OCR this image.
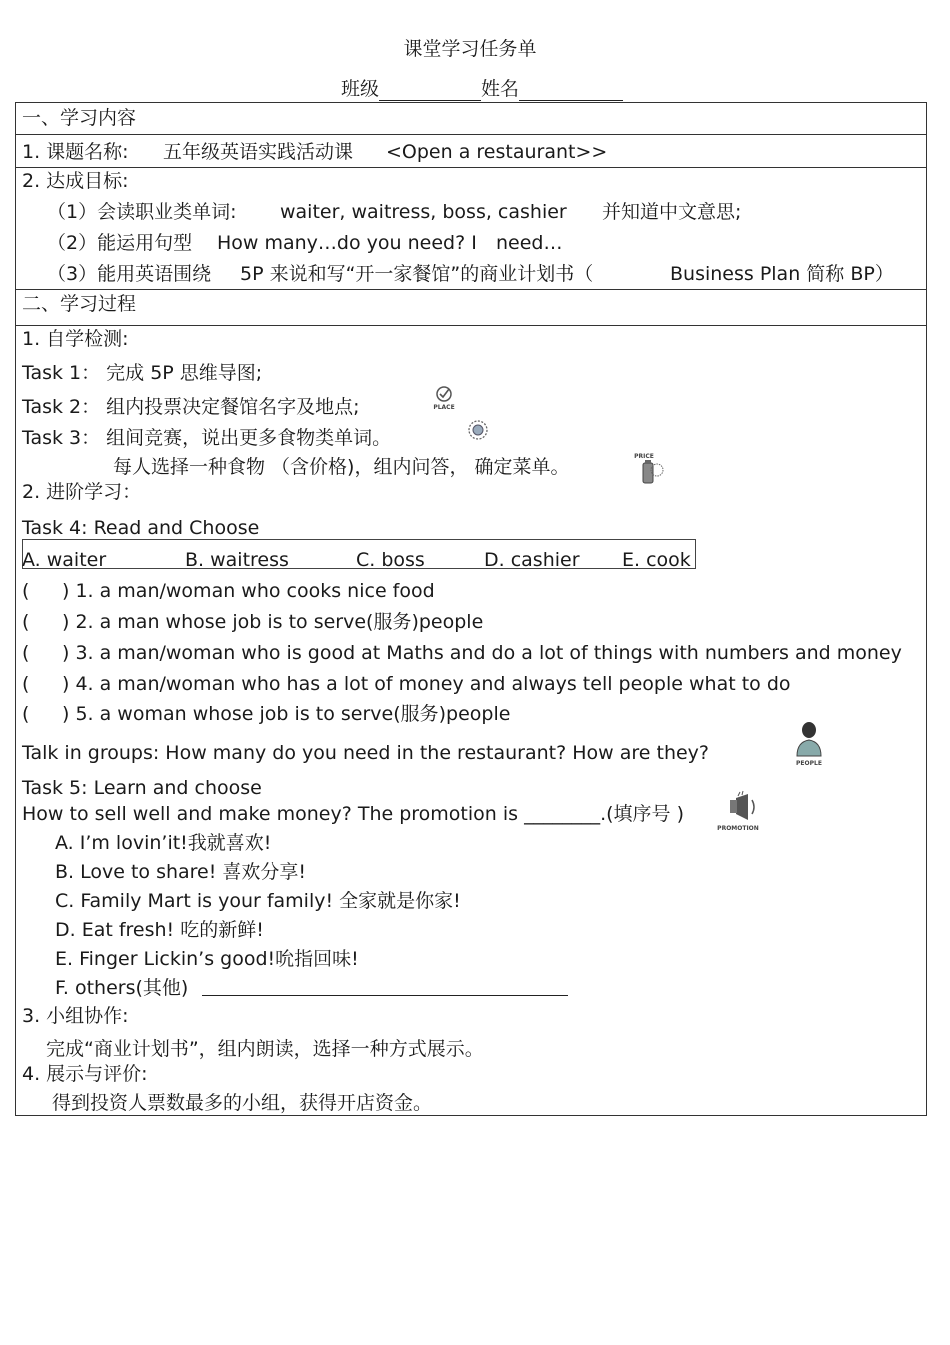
课堂学习任务单
班级	姓名
一、学习内容
1. 课题名称: 五年级英语实践活动课 <Open a restaurant>>
2. 达成目标:
（1）会读职业类单词: waiter, waitress, boss, cashier 并知道中文意思;
（2）能运用句型 How many…do you need? I need…
（3）能用英语围绕 5P 来说和写“开一家餐馆”的商业计划书（	Business Plan 简称 BP）
二、学习过程
1. 自学检测:
Task 1： 完成 5P 思维导图;
Task 2： 组内投票决定餐馆名字及地点;
Task 3： 组间竞赛，说出更多食物类单词。
每人选择一种食物 （含价格)，组内问答， 确定菜单。
2. 进阶学习：
Task 4: Read and Choose
A. waiter	B. waitress	C. boss	D. cashier E. cook
( ) 1. a man/woman who cooks nice food
( ) 2. a man whose job is to serve(服务)people
( ) 3. a man/woman who is good at Maths and do a lot of things with numbers and money
( ) 4. a man/woman who has a lot of money and always tell people what to do
( ) 5. a woman whose job is to serve(服务)people
Talk in groups: How many do you need in the restaurant? How are they?
Task 5: Learn and choose
How to sell well and make money? The promotion is ________.(填序号 )
A. I’m lovin’it!我就喜欢!
B. Love to share! 喜欢分享!
C. Family Mart is your family! 全家就是你家!
D. Eat fresh! 吃的新鲜!
E. Finger Lickin’s good!吮指回味!
F. others(其他)
3. 小组协作:
完成“商业计划书”，组内朗读，选择一种方式展示。
4. 展示与评价:
得到投资人票数最多的小组，获得开店资金。
PLACE
PRICE
PEOPLE
PROMOTION
